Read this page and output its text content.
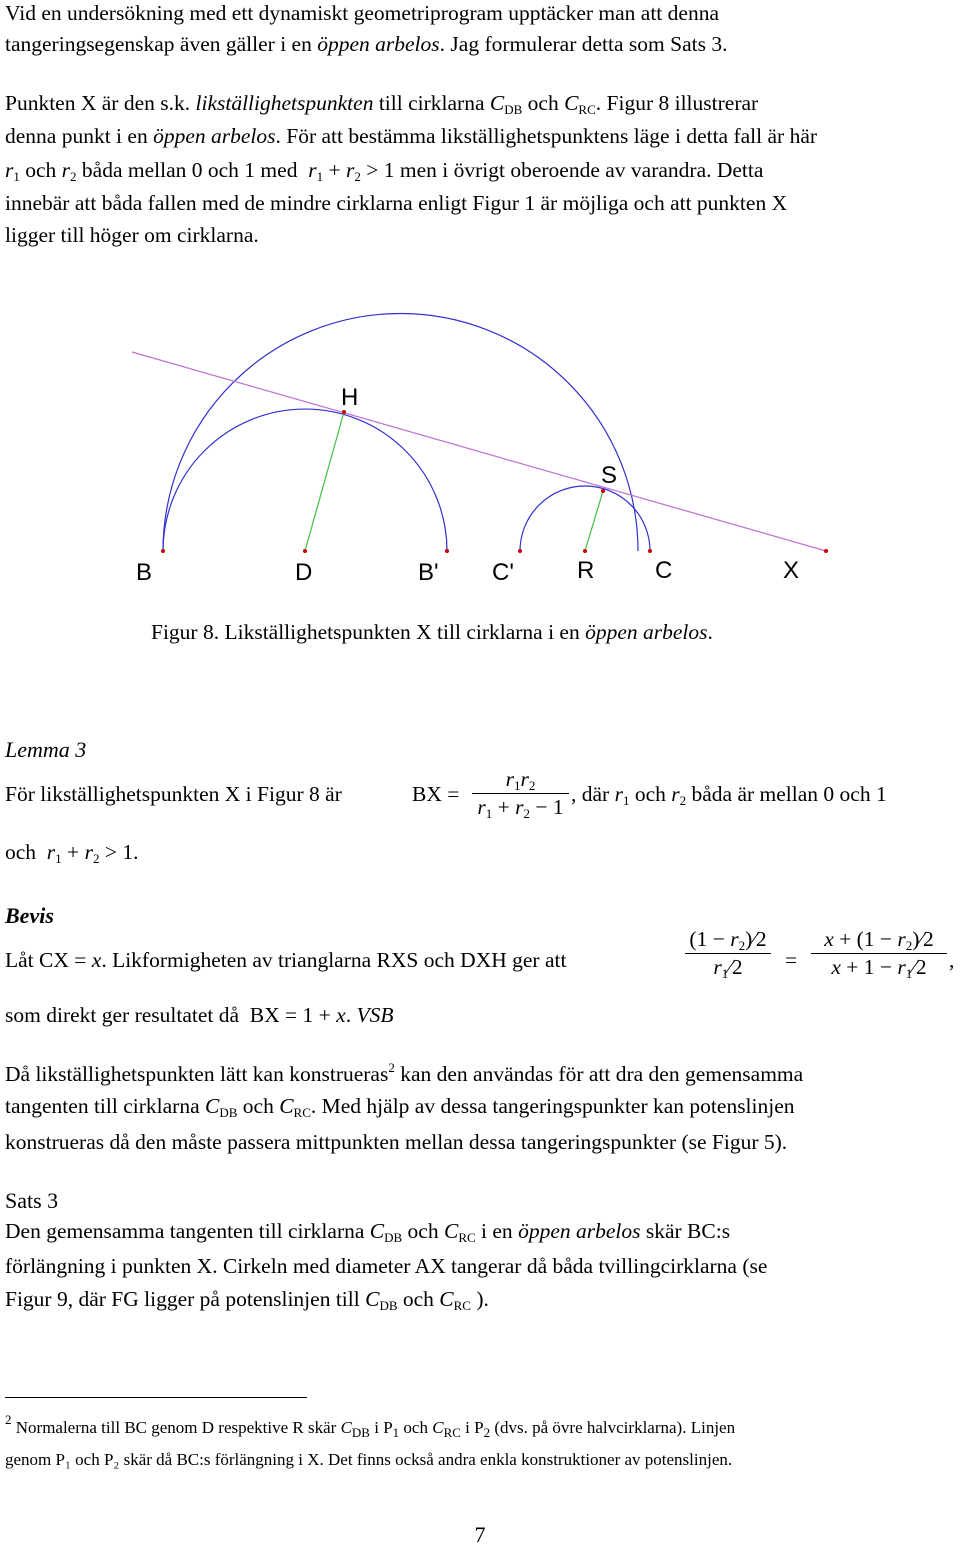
Vid en undersökning med ett dynamiskt geometriprogram upptäcker man att denna
tangeringsegenskap även gäller i en öppen arbelos. Jag formulerar detta som Sats 3.
Punkten X är den s.k. likställighetspunkten till cirklarna $C_{DB}$ och $C_{RC}$. Figur 8 illustrerar
denna punkt i en öppen arbelos. För att bestämma likställighetspunktens läge i detta fall är här
$r_1$ och $r_2$ båda mellan 0 och 1 med $r_1 + r_2 > 1$ men i övrigt oberoende av varandra. Detta
innebär att båda fallen med de mindre cirklarna enligt Figur 1 är möjliga och att punkten X
ligger till höger om cirklarna.
B	D	B' C'	R	C	X
H
S
Figur 8. Likställighetspunkten X till cirklarna i en öppen arbelos.
Lemma 3
För likställighetspunkten X i Figur 8 är	BX =
$r_1r_2$
$r_1 + r_2 - 1$
, där $r_1$ och $r_2$ båda är mellan 0 och 1
och $r_1 + r_2 > 1$.
Bevis
Låt CX = x. Likformigheten av trianglarna RXS och DXH ger att
$(1 - r_2)∕2$
$r_1∕2$	=
$x + (1 - r_2)∕2$
$x + 1 - r_1∕2$	,
som direkt ger resultatet då  BX = 1 + x. VSB
Då likställighetspunkten lätt kan konstrueras$^2$ kan den användas för att dra den gemensamma
tangenten till cirklarna $C_{DB}$ och $C_{RC}$. Med hjälp av dessa tangeringspunkter kan potenslinjen
konstrueras då den måste passera mittpunkten mellan dessa tangeringspunkter (se Figur 5).
Sats 3
Den gemensamma tangenten till cirklarna $C_{DB}$ och $C_{RC}$ i en öppen arbelos skär BC:s
förlängning i punkten X. Cirkeln med diameter AX tangerar då båda tvillingcirklarna (se
Figur 9, där FG ligger på potenslinjen till $C_{DB}$ och $C_{RC}$ ).
$^2$ Normalerna till BC genom D respektive R skär $C_{DB}$ i $P_1$ och $C_{RC}$ i $P_2$ (dvs. på övre halvcirklarna). Linjen
genom P₁ och P₂ skär då BC:s förlängning i X. Det finns också andra enkla konstruktioner av potenslinjen.
7
